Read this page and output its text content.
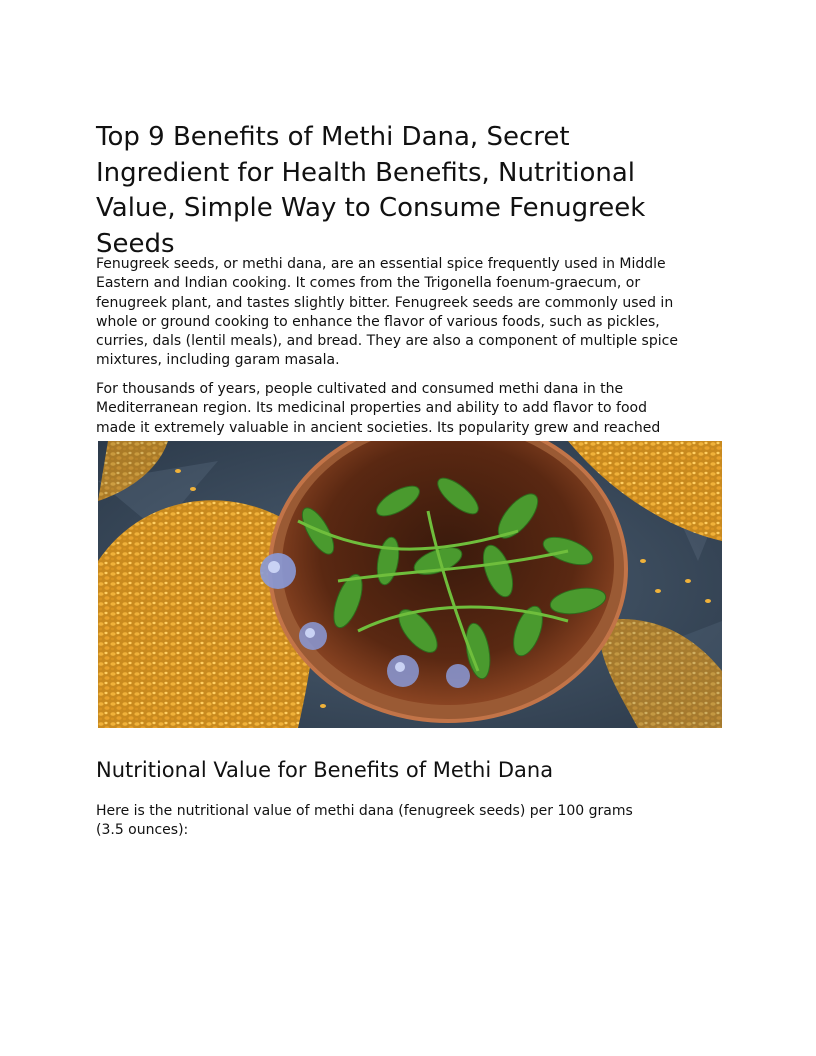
Top 9 Benefits of Methi Dana, Secret
Ingredient for Health Benefits, Nutritional
Value, Simple Way to Consume Fenugreek
Seeds

Fenugreek seeds, or methi dana, are an essential spice frequently used in Middle
Eastern and Indian cooking. It comes from the Trigonella foenum-graecum, or
fenugreek plant, and tastes slightly bitter. Fenugreek seeds are commonly used in
whole or ground cooking to enhance the flavor of various foods, such as pickles,
curries, dals (lentil meals), and bread. They are also a component of multiple spice
mixtures, including garam masala.

For thousands of years, people cultivated and consumed methi dana in the
Mediterranean region. Its medicinal properties and ability to add flavor to food
made it extremely valuable in ancient societies. Its popularity grew and reached

Nutritional Value for Benefits of Methi Dana

Here is the nutritional value of methi dana (fenugreek seeds) per 100 grams
(3.5 ounces):
